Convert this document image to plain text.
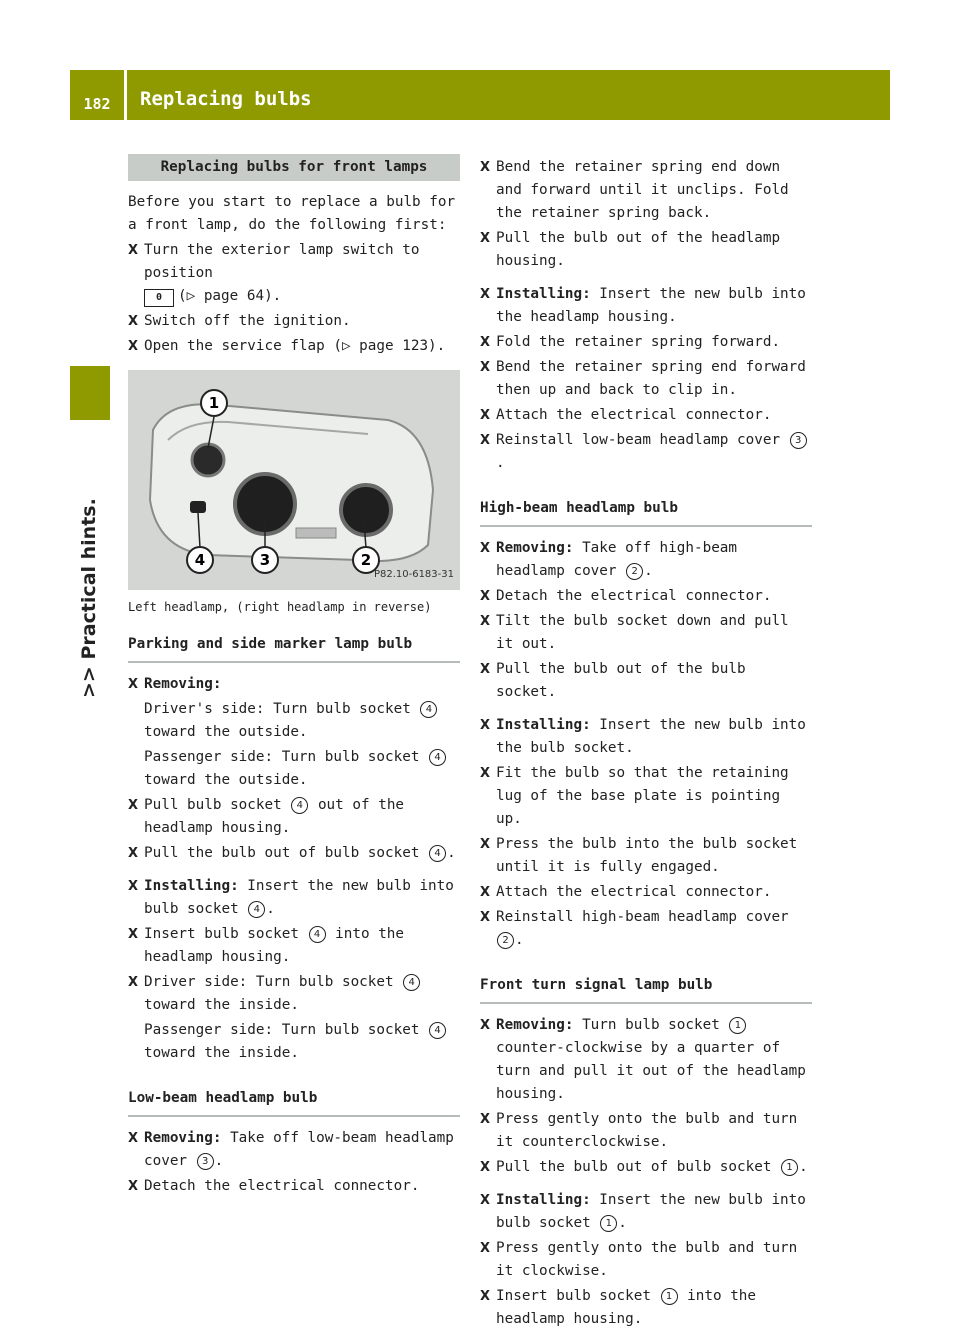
182	Replacing bulbs
>> Practical hints.
Replacing bulbs for front lamps

Before you start to replace a bulb for a front lamp, do the following first:

X Turn the exterior lamp switch to position
0 (▷ page 64).
X Switch off the ignition.
X Open the service flap (▷ page 123).
1
2
3
4
P82.10-6183-31
Left headlamp, (right headlamp in reverse)
Parking and side marker lamp bulb
X Removing:
Driver's side: Turn bulb socket 4 toward the outside.
Passenger side: Turn bulb socket 4 toward the outside.
X Pull bulb socket 4 out of the headlamp housing.
X Pull the bulb out of bulb socket 4 .
X Installing: Insert the new bulb into bulb socket 4 .
X Insert bulb socket 4 into the headlamp housing.
X Driver side: Turn bulb socket 4 toward the inside.
Passenger side: Turn bulb socket 4 toward the inside.
Low-beam headlamp bulb
X Removing: Take off low-beam headlamp cover 3 .
X Detach the electrical connector.
X Bend the retainer spring end down and forward until it unclips. Fold the retainer spring back.
X Pull the bulb out of the headlamp housing.
X Installing: Insert the new bulb into the headlamp housing.
X Fold the retainer spring forward.
X Bend the retainer spring end forward then up and back to clip in.
X Attach the electrical connector.
X Reinstall low-beam headlamp cover 3.
High-beam headlamp bulb
X Removing: Take off high-beam headlamp cover 2 .
X Detach the electrical connector.
X Tilt the bulb socket down and pull it out.
X Pull the bulb out of the bulb socket.
X Installing: Insert the new bulb into the bulb socket.
X Fit the bulb so that the retaining lug of the base plate is pointing up.
X Press the bulb into the bulb socket until it is fully engaged.
X Attach the electrical connector.
X Reinstall high-beam headlamp cover 2 .
Front turn signal lamp bulb
X Removing: Turn bulb socket 1 counter-clockwise by a quarter of turn and pull it out of the headlamp housing.
X Press gently onto the bulb and turn it counterclockwise.
X Pull the bulb out of bulb socket 1 .
X Installing: Insert the new bulb into bulb socket 1 .
X Press gently onto the bulb and turn it clockwise.
X Insert bulb socket 1 into the headlamp housing.
